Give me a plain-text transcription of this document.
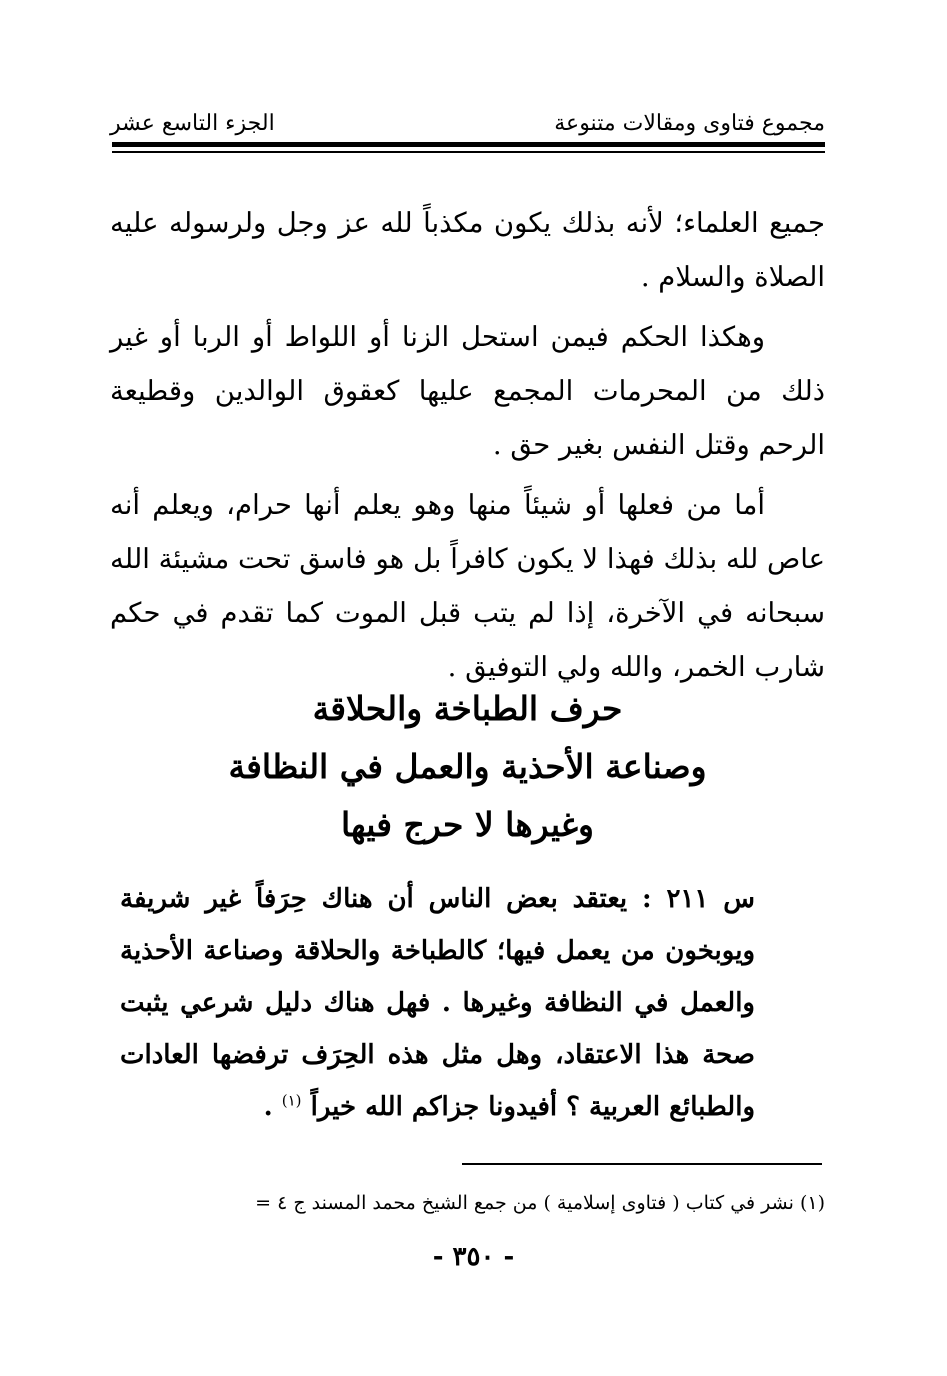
مجموع فتاوى ومقالات متنوعة
الجزء التاسع عشر

جميع العلماء؛ لأنه بذلك يكون مكذباً لله عز وجل ولرسوله عليه الصلاة والسلام .

وهكذا الحكم فيمن استحل الزنا أو اللواط أو الربا أو غير ذلك من المحرمات المجمع عليها كعقوق الوالدين وقطيعة الرحم وقتل النفس بغير حق .

أما من فعلها أو شيئاً منها وهو يعلم أنها حرام، ويعلم أنه عاص لله بذلك فهذا لا يكون كافراً بل هو فاسق تحت مشيئة الله سبحانه في الآخرة، إذا لم يتب قبل الموت كما تقدم في حكم شارب الخمر، والله ولي التوفيق .

حرف الطباخة والحلاقة
وصناعة الأحذية والعمل في النظافة
وغيرها لا حرج فيها
س ٢١١ : يعتقد بعض الناس أن هناك حِرَفاً غير شريفة ويوبخون من يعمل فيها؛ كالطباخة والحلاقة وصناعة الأحذية والعمل في النظافة وغيرها . فهل هناك دليل شرعي يثبت صحة هذا الاعتقاد، وهل مثل هذه الحِرَف ترفضها العادات والطبائع العربية ؟ أفيدونا جزاكم الله خيراً $^{(١)}$ .
(١) نشر في كتاب ( فتاوى إسلامية ) من جمع الشيخ محمد المسند ج ٤ =
- ٣٥٠ -
